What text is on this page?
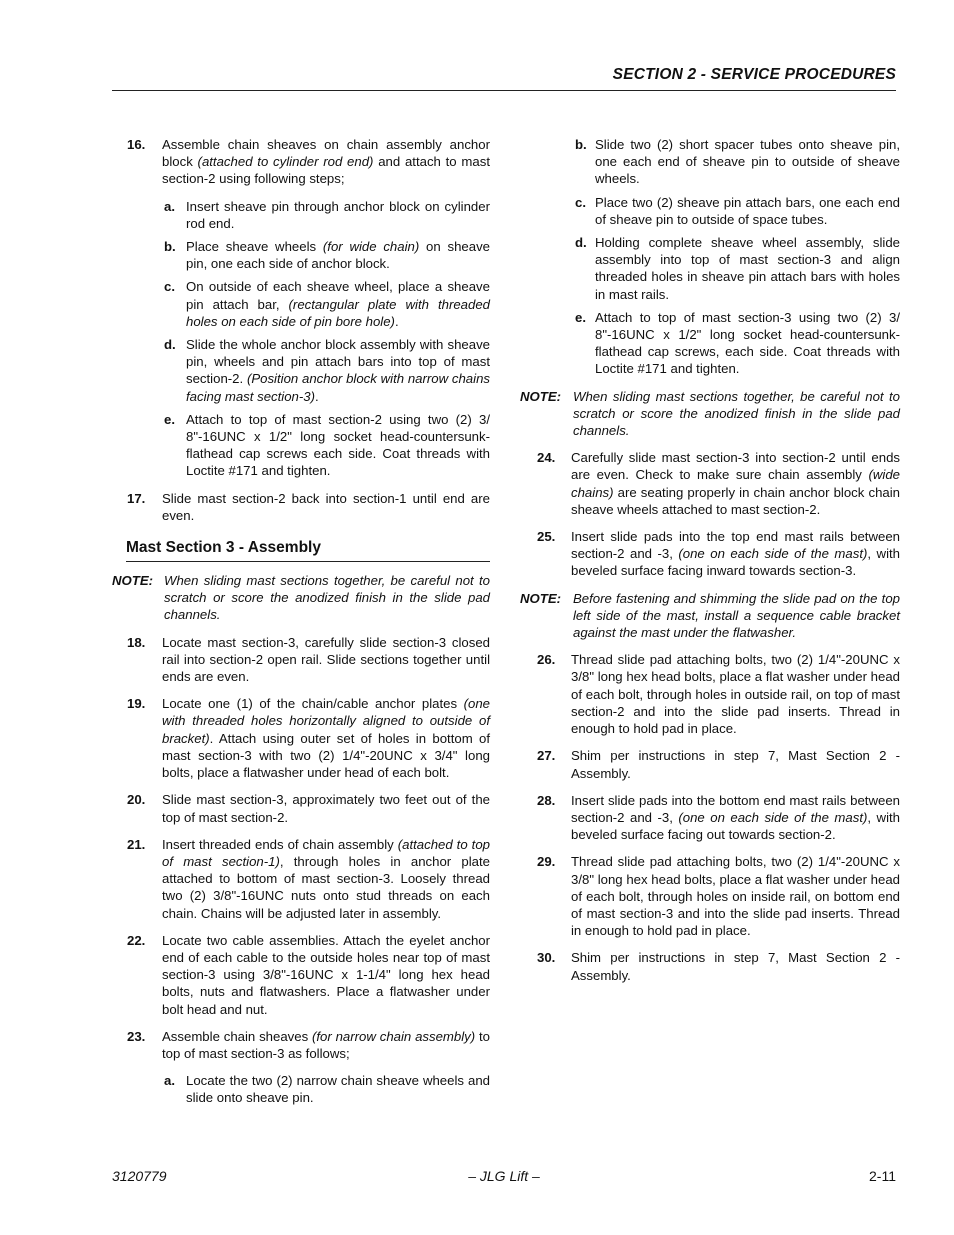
SECTION 2 - SERVICE PROCEDURES
16. Assemble chain sheaves on chain assembly anchor block (attached to cylinder rod end) and attach to mast section-2 using following steps;
a. Insert sheave pin through anchor block on cylinder rod end.
b. Place sheave wheels (for wide chain) on sheave pin, one each side of anchor block.
c. On outside of each sheave wheel, place a sheave pin attach bar, (rectangular plate with threaded holes on each side of pin bore hole).
d. Slide the whole anchor block assembly with sheave pin, wheels and pin attach bars into top of mast section-2. (Position anchor block with narrow chains facing mast section-3).
e. Attach to top of mast section-2 using two (2) 3/ 8"-16UNC x 1/2" long socket head-countersunk-flathead cap screws each side. Coat threads with Loctite #171 and tighten.
17. Slide mast section-2 back into section-1 until end are even.
Mast Section 3 - Assembly
NOTE: When sliding mast sections together, be careful not to scratch or score the anodized finish in the slide pad channels.
18. Locate mast section-3, carefully slide section-3 closed rail into section-2 open rail. Slide sections together until ends are even.
19. Locate one (1) of the chain/cable anchor plates (one with threaded holes horizontally aligned to outside of bracket). Attach using outer set of holes in bottom of mast section-3 with two (2) 1/4"-20UNC x 3/4" long bolts, place a flatwasher under head of each bolt.
20. Slide mast section-3, approximately two feet out of the top of mast section-2.
21. Insert threaded ends of chain assembly (attached to top of mast section-1), through holes in anchor plate attached to bottom of mast section-3. Loosely thread two (2) 3/8"-16UNC nuts onto stud threads on each chain. Chains will be adjusted later in assembly.
22. Locate two cable assemblies. Attach the eyelet anchor end of each cable to the outside holes near top of mast section-3 using 3/8"-16UNC x 1-1/4" long hex head bolts, nuts and flatwashers. Place a flatwasher under bolt head and nut.
23. Assemble chain sheaves (for narrow chain assembly) to top of mast section-3 as follows;
a. Locate the two (2) narrow chain sheave wheels and slide onto sheave pin.
b. Slide two (2) short spacer tubes onto sheave pin, one each end of sheave pin to outside of sheave wheels.
c. Place two (2) sheave pin attach bars, one each end of sheave pin to outside of space tubes.
d. Holding complete sheave wheel assembly, slide assembly into top of mast section-3 and align threaded holes in sheave pin attach bars with holes in mast rails.
e. Attach to top of mast section-3 using two (2) 3/ 8"-16UNC x 1/2" long socket head-countersunk-flathead cap screws, each side. Coat threads with Loctite #171 and tighten.
NOTE: When sliding mast sections together, be careful not to scratch or score the anodized finish in the slide pad channels.
24. Carefully slide mast section-3 into section-2 until ends are even. Check to make sure chain assembly (wide chains) are seating properly in chain anchor block chain sheave wheels attached to mast section-2.
25. Insert slide pads into the top end mast rails between section-2 and -3, (one on each side of the mast), with beveled surface facing inward towards section-3.
NOTE: Before fastening and shimming the slide pad on the top left side of the mast, install a sequence cable bracket against the mast under the flatwasher.
26. Thread slide pad attaching bolts, two (2) 1/4"-20UNC x 3/8" long hex head bolts, place a flat washer under head of each bolt, through holes in outside rail, on top of mast section-2 and into the slide pad inserts. Thread in enough to hold pad in place.
27. Shim per instructions in step 7, Mast Section 2 - Assembly.
28. Insert slide pads into the bottom end mast rails between section-2 and -3, (one on each side of the mast), with beveled surface facing out towards section-2.
29. Thread slide pad attaching bolts, two (2) 1/4"-20UNC x 3/8" long hex head bolts, place a flat washer under head of each bolt, through holes on inside rail, on bottom end of mast section-3 and into the slide pad inserts. Thread in enough to hold pad in place.
30. Shim per instructions in step 7, Mast Section 2 - Assembly.
3120779	– JLG Lift –	2-11
